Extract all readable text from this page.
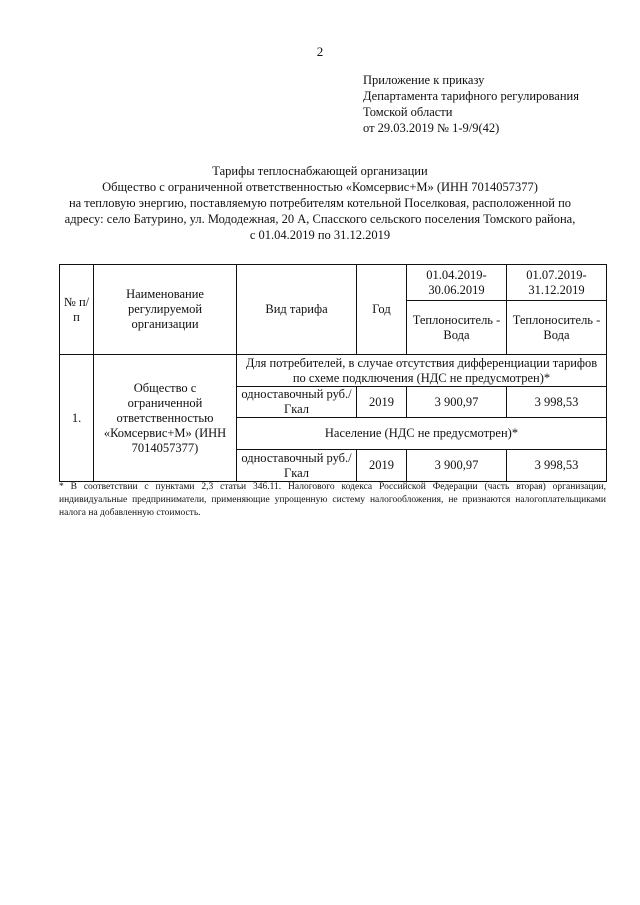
2
Приложение к приказу
Департамента тарифного регулирования
Томской области
от 29.03.2019 № 1-9/9(42)
Тарифы теплоснабжающей организации
Обществo с ограниченной ответственностью «Комсервис+М» (ИНН 7014057377)
на тепловую энергию, поставляемую потребителям котельной Поселковая, расположенной по
адресу: село Батурино, ул. Мододежная, 20 А, Спасского сельского поселения Томского района,
с 01.04.2019 по 31.12.2019
№ п/п	Наименование регулируемой организации	Вид тарифа	Год	01.04.2019-30.06.2019	01.07.2019-31.12.2019
				Теплоноситель - Вода	Теплоноситель - Вода
1.	Общество с ограниченной ответственностью «Комсервис+М» (ИНН 7014057377)	Для потребителей, в случае отсутствия дифференциации тарифов по схеме подключения (НДС не предусмотрен)*			
		одноставочный руб./Гкал	2019	3 900,97	3 998,53
		Население (НДС не предусмотрен)*			
		одноставочный руб./Гкал	2019	3 900,97	3 998,53
* В соответствии с пунктами 2,3 статьи 346.11. Налогового кодекса Российской Федерации (часть вторая) организации, индивидуальные предприниматели, применяющие упрощенную систему налогообложения, не признаются налогоплательщиками налога на добавленную стоимость.
